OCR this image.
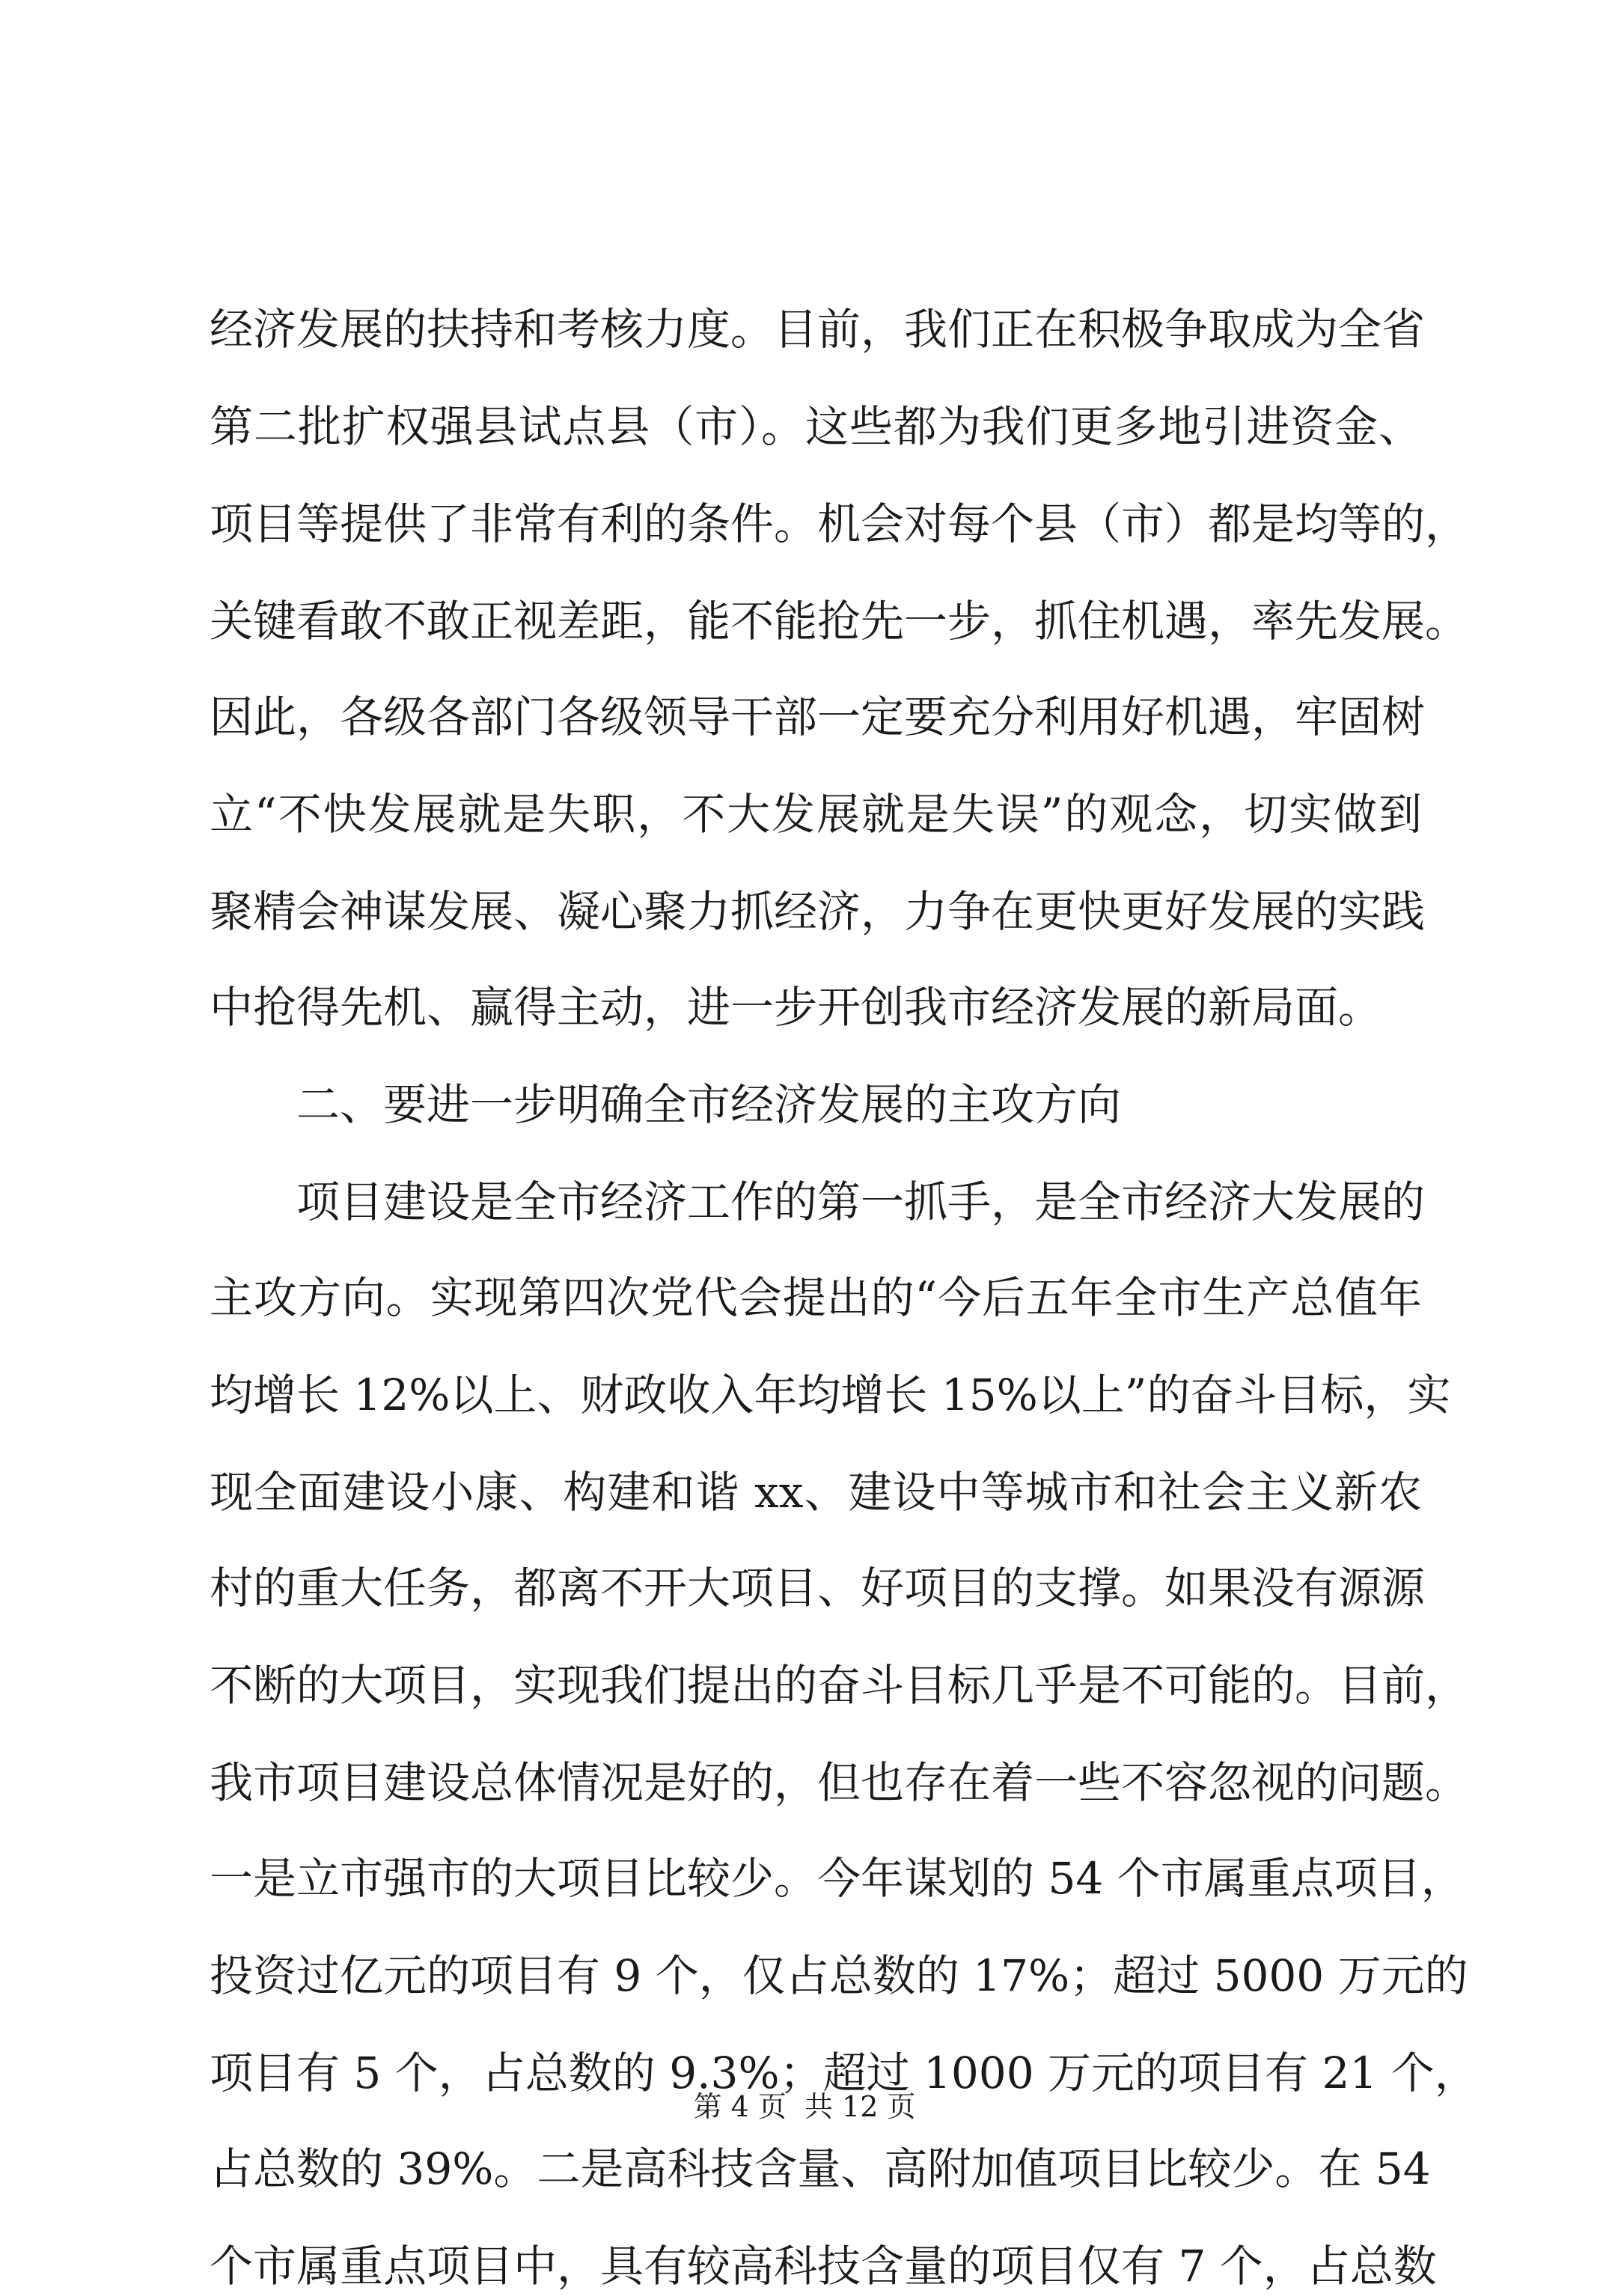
经济发展的扶持和考核力度。目前，我们正在积极争取成为全省
第二批扩权强县试点县（市）。这些都为我们更多地引进资金、
项目等提供了非常有利的条件。机会对每个县（市）都是均等的，
关键看敢不敢正视差距，能不能抢先一步，抓住机遇，率先发展。
因此，各级各部门各级领导干部一定要充分利用好机遇，牢固树
立“不快发展就是失职，不大发展就是失误”的观念，切实做到
聚精会神谋发展、凝心聚力抓经济，力争在更快更好发展的实践
中抢得先机、赢得主动，进一步开创我市经济发展的新局面。
二、要进一步明确全市经济发展的主攻方向
项目建设是全市经济工作的第一抓手，是全市经济大发展的
主攻方向。实现第四次党代会提出的“今后五年全市生产总值年
均增长 12%以上、财政收入年均增长 15%以上”的奋斗目标，实
现全面建设小康、构建和谐 xx、建设中等城市和社会主义新农
村的重大任务，都离不开大项目、好项目的支撑。如果没有源源
不断的大项目，实现我们提出的奋斗目标几乎是不可能的。目前，
我市项目建设总体情况是好的，但也存在着一些不容忽视的问题。
一是立市强市的大项目比较少。今年谋划的 54 个市属重点项目，
投资过亿元的项目有 9 个，仅占总数的 17%；超过 5000 万元的
项目有 5 个，占总数的 9.3%；超过 1000 万元的项目有 21 个，
占总数的 39%。二是高科技含量、高附加值项目比较少。在 54
个市属重点项目中，具有较高科技含量的项目仅有 7 个，占总数
第 4 页 共 12 页
